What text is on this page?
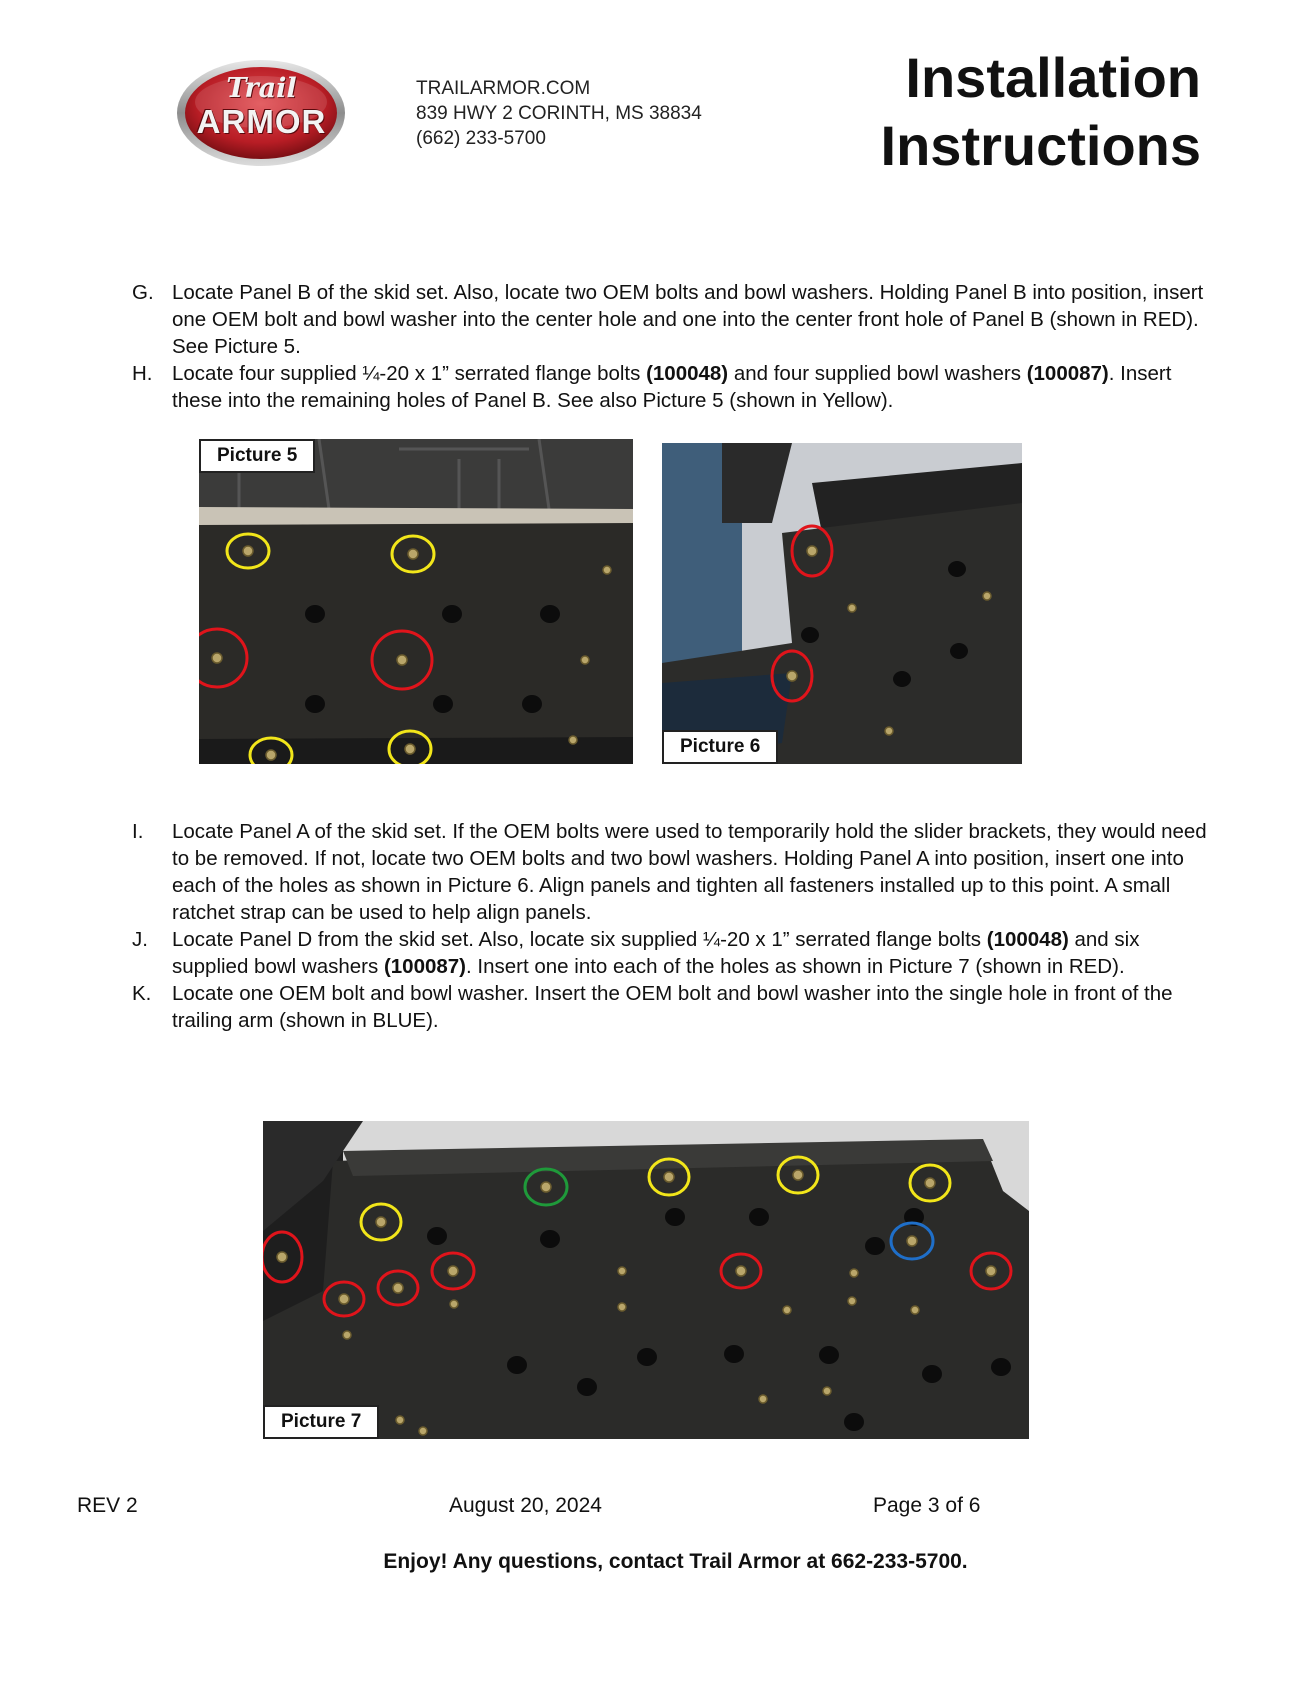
Trail
ARMOR
TRAILARMOR.COM
839 HWY 2 CORINTH, MS 38834
(662) 233-5700
Installation
Instructions
G. Locate Panel B of the skid set. Also, locate two OEM bolts and bowl washers. Holding Panel B into position, insert one OEM bolt and bowl washer into the center hole and one into the center front hole of Panel B (shown in RED). See Picture 5.
H. Locate four supplied ¼-20 x 1” serrated flange bolts (100048) and four supplied bowl washers (100087). Insert these into the remaining holes of Panel B. See also Picture 5 (shown in Yellow).
Picture 5
Picture 6
I. Locate Panel A of the skid set. If the OEM bolts were used to temporarily hold the slider brackets, they would need to be removed. If not, locate two OEM bolts and two bowl washers. Holding Panel A into position, insert one into each of the holes as shown in Picture 6. Align panels and tighten all fasteners installed up to this point. A small ratchet strap can be used to help align panels.
J. Locate Panel D from the skid set. Also, locate six supplied ¼-20 x 1” serrated flange bolts (100048) and six supplied bowl washers (100087). Insert one into each of the holes as shown in Picture 7 (shown in RED).
K. Locate one OEM bolt and bowl washer. Insert the OEM bolt and bowl washer into the single hole in front of the trailing arm (shown in BLUE).
Picture 7
REV 2	August 20, 2024	Page 3 of 6
Enjoy! Any questions, contact Trail Armor at 662-233-5700.
